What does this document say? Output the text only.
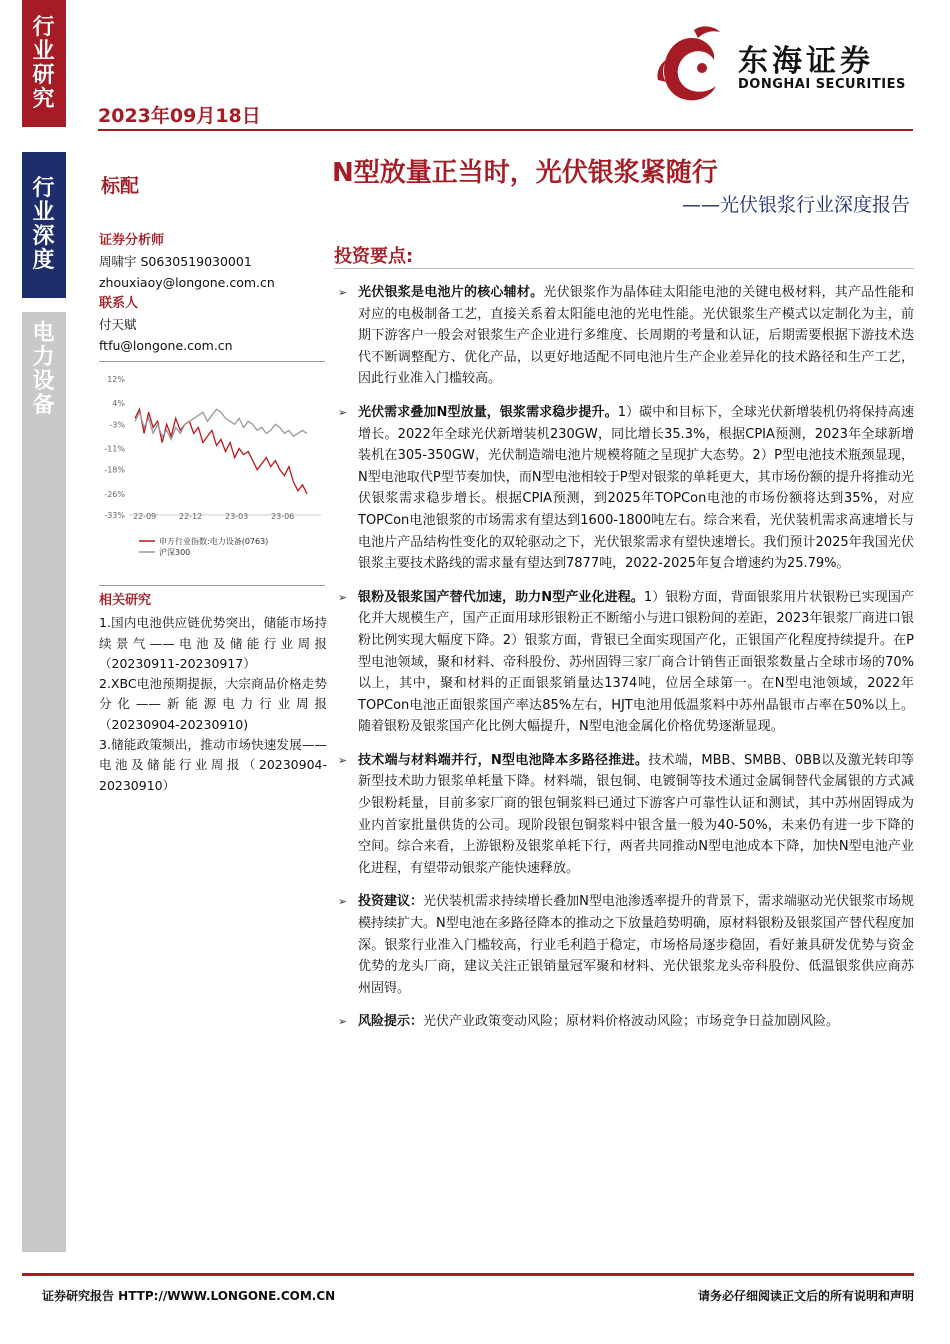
行
业
研
究
行
业
深
度
电
力
设
备
2023年09月18日
东海证券
DONGHAI SECURITIES
标配	N型放量正当时，光伏银浆紧随行
——光伏银浆行业深度报告
证券分析师
周啸宇 S0630519030001
zhouxiaoy@longone.com.cn
联系人
付天赋
ftfu@longone.com.cn
12%
4%
-3%
-11%
-18%
-26%
-33% 22-09	22-12	23-03	23-06
申万行业指数:电力设备(0763)
沪深300
相关研究

1.国内电池供应链优势突出，储能市场持续景气——电池及储能行业周报（20230911-20230917）

2.XBC电池预期提振，大宗商品价格走势分化——新能源电力行业周报（20230904-20230910)

3.储能政策频出，推动市场快速发展——电池及储能行业周报（20230904-20230910）

投资要点:
➢ 光伏银浆是电池片的核心辅材。光伏银浆作为晶体硅太阳能电池的关键电极材料，其产品性能和对应的电极制备工艺，直接关系着太阳能电池的光电性能。光伏银浆生产模式以定制化为主，前期下游客户一般会对银浆生产企业进行多维度、长周期的考量和认证，后期需要根据下游技术迭代不断调整配方、优化产品，以更好地适配不同电池片生产企业差异化的技术路径和生产工艺，因此行业准入门槛较高。
➢ 光伏需求叠加N型放量，银浆需求稳步提升。1）碳中和目标下，全球光伏新增装机仍将保持高速增长。2022年全球光伏新增装机230GW，同比增长35.3%，根据CPIA预测，2023年全球新增装机在305-350GW，光伏制造端电池片规模将随之呈现扩大态势。2）P型电池技术瓶颈显现，N型电池取代P型节奏加快，而N型电池相较于P型对银浆的单耗更大，其市场份额的提升将推动光伏银浆需求稳步增长。根据CPIA预测，到2025年TOPCon电池的市场份额将达到35%，对应TOPCon电池银浆的市场需求有望达到1600-1800吨左右。综合来看，光伏装机需求高速增长与电池片产品结构性变化的双轮驱动之下，光伏银浆需求有望快速增长。我们预计2025年我国光伏银浆主要技术路线的需求量有望达到7877吨，2022-2025年复合增速约为25.79%。
➢ 银粉及银浆国产替代加速，助力N型产业化进程。1）银粉方面，背面银浆用片状银粉已实现国产化并大规模生产，国产正面用球形银粉正不断缩小与进口银粉间的差距，2023年银浆厂商进口银粉比例实现大幅度下降。2）银浆方面，背银已全面实现国产化，正银国产化程度持续提升。在P型电池领域，聚和材料、帝科股份、苏州固锝三家厂商合计销售正面银浆数量占全球市场的70%以上，其中，聚和材料的正面银浆销量达1374吨，位居全球第一。在N型电池领域，2022年TOPCon电池正面银浆国产率达85%左右，HJT电池用低温浆料中苏州晶银市占率在50%以上。随着银粉及银浆国产化比例大幅提升，N型电池金属化价格优势逐渐显现。
➢ 技术端与材料端并行，N型电池降本多路径推进。技术端，MBB、SMBB、0BB以及激光转印等新型技术助力银浆单耗量下降。材料端，银包铜、电镀铜等技术通过金属铜替代金属银的方式减少银粉耗量，目前多家厂商的银包铜浆料已通过下游客户可靠性认证和测试，其中苏州固锝成为业内首家批量供货的公司。现阶段银包铜浆料中银含量一般为40-50%，未来仍有进一步下降的空间。综合来看，上游银粉及银浆单耗下行，两者共同推动N型电池成本下降，加快N型电池产业化进程，有望带动银浆产能快速释放。
➢ 投资建议：光伏装机需求持续增长叠加N型电池渗透率提升的背景下，需求端驱动光伏银浆市场规模持续扩大。N型电池在多路径降本的推动之下放量趋势明确，原材料银粉及银浆国产替代程度加深。银浆行业准入门槛较高，行业毛利趋于稳定，市场格局逐步稳固，看好兼具研发优势与资金优势的龙头厂商，建议关注正银销量冠军聚和材料、光伏银浆龙头帝科股份、低温银浆供应商苏州固锝。
➢ 风险提示：光伏产业政策变动风险；原材料价格波动风险；市场竞争日益加剧风险。
证券研究报告 HTTP://WWW.LONGONE.COM.CN	请务必仔细阅读正文后的所有说明和声明
